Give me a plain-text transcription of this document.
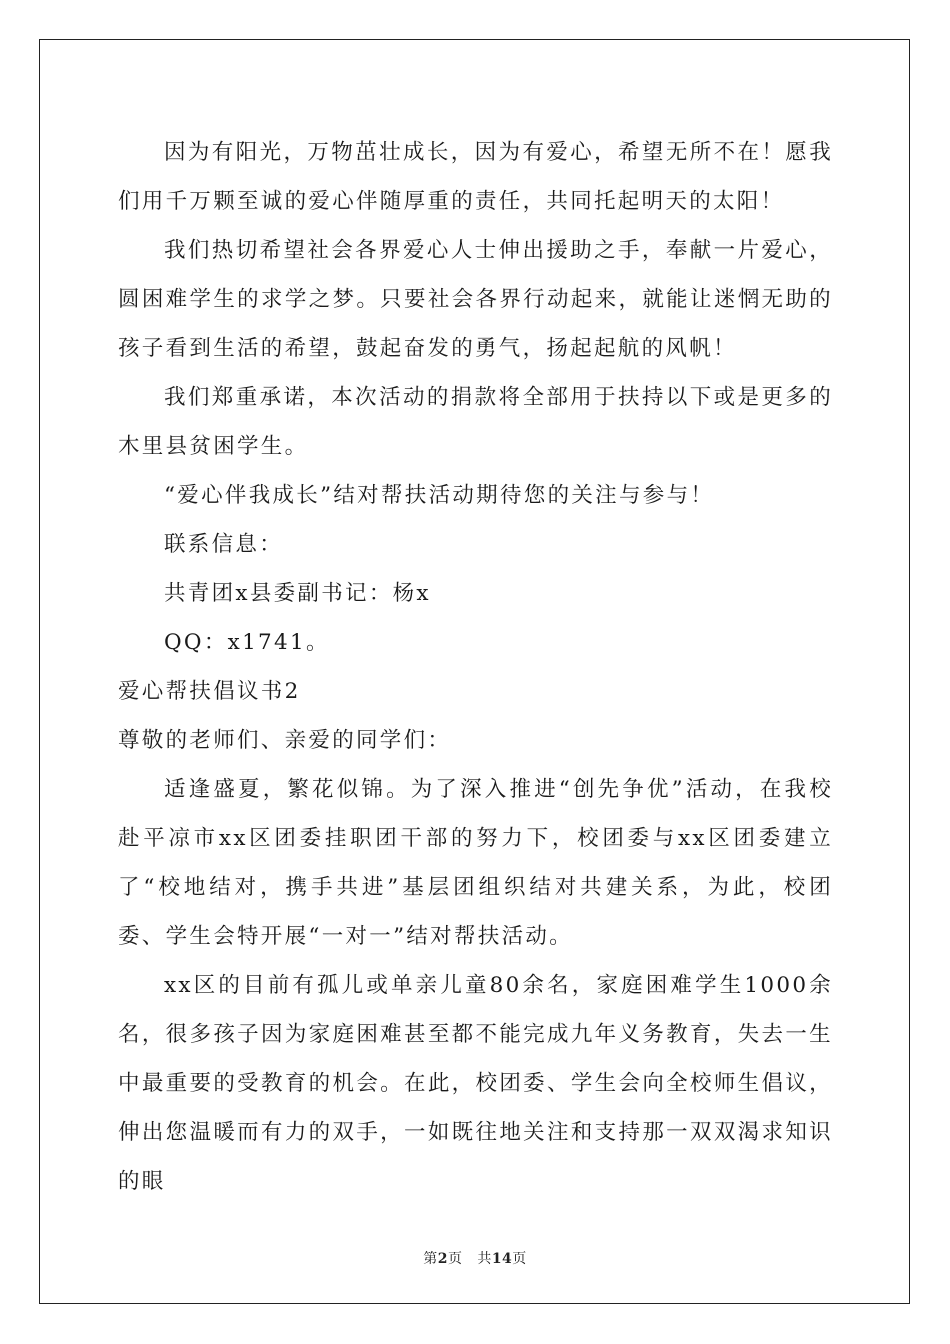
因为有阳光，万物茁壮成长，因为有爱心，希望无所不在！愿我们用千万颗至诚的爱心伴随厚重的责任，共同托起明天的太阳！

我们热切希望社会各界爱心人士伸出援助之手，奉献一片爱心，圆困难学生的求学之梦。只要社会各界行动起来，就能让迷惘无助的孩子看到生活的希望，鼓起奋发的勇气，扬起起航的风帆！

我们郑重承诺，本次活动的捐款将全部用于扶持以下或是更多的木里县贫困学生。

“爱心伴我成长”结对帮扶活动期待您的关注与参与！

联系信息：

共青团x县委副书记：杨x

QQ：x1741。

爱心帮扶倡议书2

尊敬的老师们、亲爱的同学们：

适逢盛夏，繁花似锦。为了深入推进“创先争优”活动，在我校赴平凉市xx区团委挂职团干部的努力下，校团委与xx区团委建立了“校地结对，携手共进”基层团组织结对共建关系，为此，校团委、学生会特开展“一对一”结对帮扶活动。

xx区的目前有孤儿或单亲儿童80余名，家庭困难学生1000余名，很多孩子因为家庭困难甚至都不能完成九年义务教育，失去一生中最重要的受教育的机会。在此，校团委、学生会向全校师生倡议，伸出您温暖而有力的双手，一如既往地关注和支持那一双双渴求知识的眼

第2页 共14页
